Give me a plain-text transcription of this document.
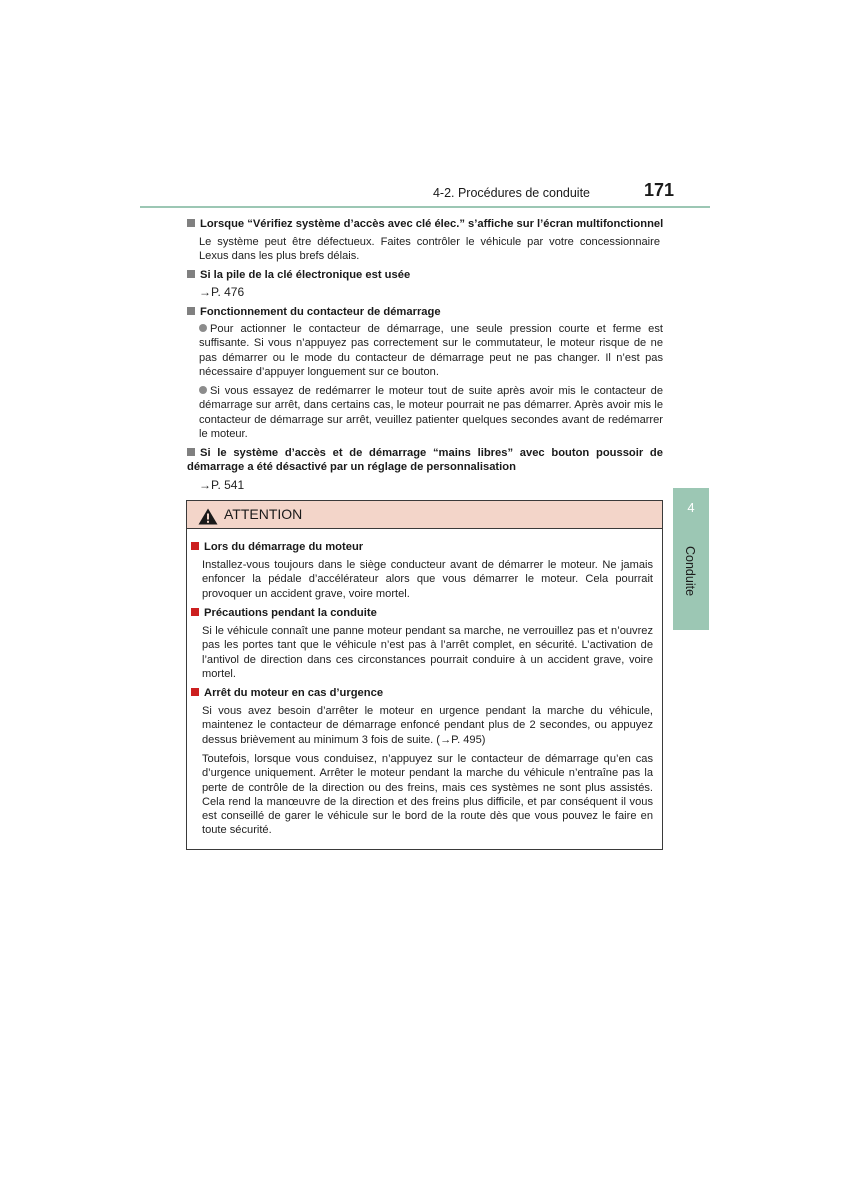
4-2. Procédures de conduite	171
4
Conduite
Lorsque “Vérifiez système d’accès avec clé élec.” s’affiche sur l’écran multifonctionnel
Le système peut être défectueux. Faites contrôler le véhicule par votre concessionnaire Lexus dans les plus brefs délais.
Si la pile de la clé électronique est usée
→P. 476
Fonctionnement du contacteur de démarrage
Pour actionner le contacteur de démarrage, une seule pression courte et ferme est suffisante. Si vous n’appuyez pas correctement sur le commutateur, le moteur risque de ne pas démarrer ou le mode du contacteur de démarrage peut ne pas changer. Il n’est pas nécessaire d’appuyer longuement sur ce bouton.
Si vous essayez de redémarrer le moteur tout de suite après avoir mis le contacteur de démarrage sur arrêt, dans certains cas, le moteur pourrait ne pas démarrer. Après avoir mis le contacteur de démarrage sur arrêt, veuillez patienter quelques secondes avant de redémarrer le moteur.
Si le système d’accès et de démarrage “mains libres” avec bouton poussoir de démarrage a été désactivé par un réglage de personnalisation
→P. 541
ATTENTION
Lors du démarrage du moteur
Installez-vous toujours dans le siège conducteur avant de démarrer le moteur. Ne jamais enfoncer la pédale d’accélérateur alors que vous démarrer le moteur. Cela pourrait provoquer un accident grave, voire mortel.
Précautions pendant la conduite
Si le véhicule connaît une panne moteur pendant sa marche, ne verrouillez pas et n’ouvrez pas les portes tant que le véhicule n’est pas à l’arrêt complet, en sécurité. L’activation de l’antivol de direction dans ces circonstances pourrait conduire à un accident grave, voire mortel.
Arrêt du moteur en cas d’urgence
Si vous avez besoin d’arrêter le moteur en urgence pendant la marche du véhicule, maintenez le contacteur de démarrage enfoncé pendant plus de 2 secondes, ou appuyez dessus brièvement au minimum 3 fois de suite. (→P. 495)
Toutefois, lorsque vous conduisez, n’appuyez sur le contacteur de démarrage qu’en cas d’urgence uniquement. Arrêter le moteur pendant la marche du véhicule n’entraîne pas la perte de contrôle de la direction ou des freins, mais ces systèmes ne sont plus assistés. Cela rend la manœuvre de la direction et des freins plus difficile, et par conséquent il vous est conseillé de garer le véhicule sur le bord de la route dès que vous pouvez le faire en toute sécurité.
